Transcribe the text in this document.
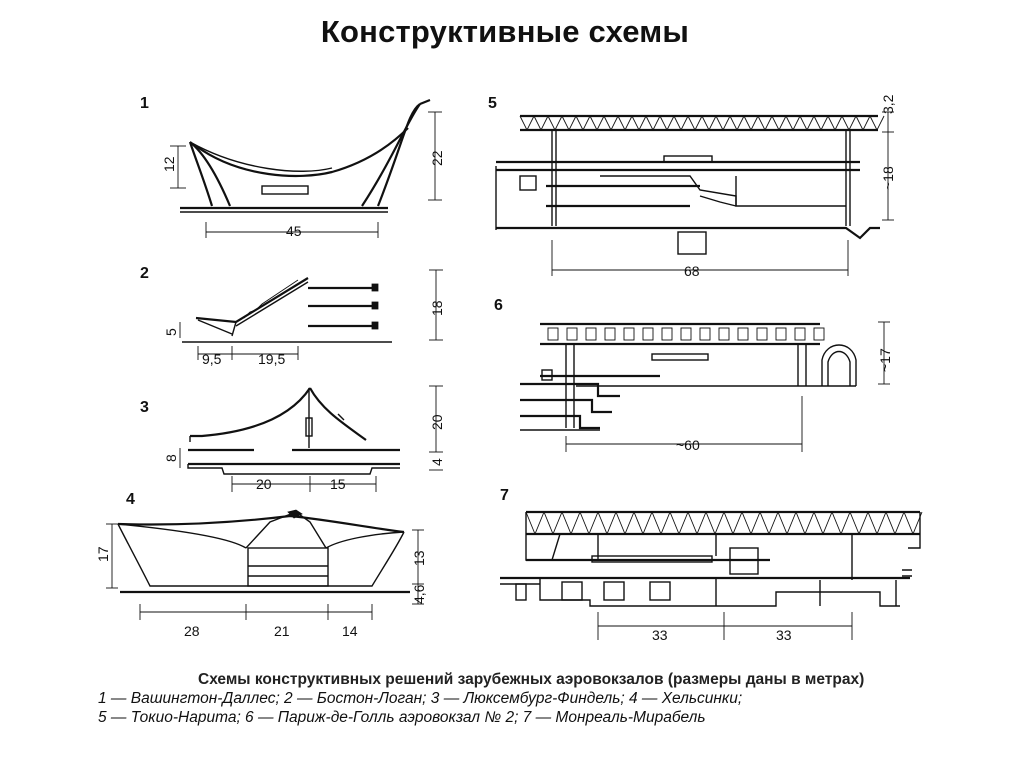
Конструктивные схемы
1
12	22
45
2
5
9,5	19,5
18
3
8
20	15
20
4
4
28	21	14
17	13
4,6
5
68
3,2
~18
6
~60
~17
7
33	33
Схемы конструктивных решений зарубежных аэровокзалов (размеры даны в метрах)
1 — Вашингтон-Даллес; 2 — Бостон-Логан; 3 — Люксембург-Финдель; 4 — Хельсинки;
5 — Токио-Нарита; 6 — Париж-де-Голль аэровокзал № 2; 7 — Монреаль-Мирабель
